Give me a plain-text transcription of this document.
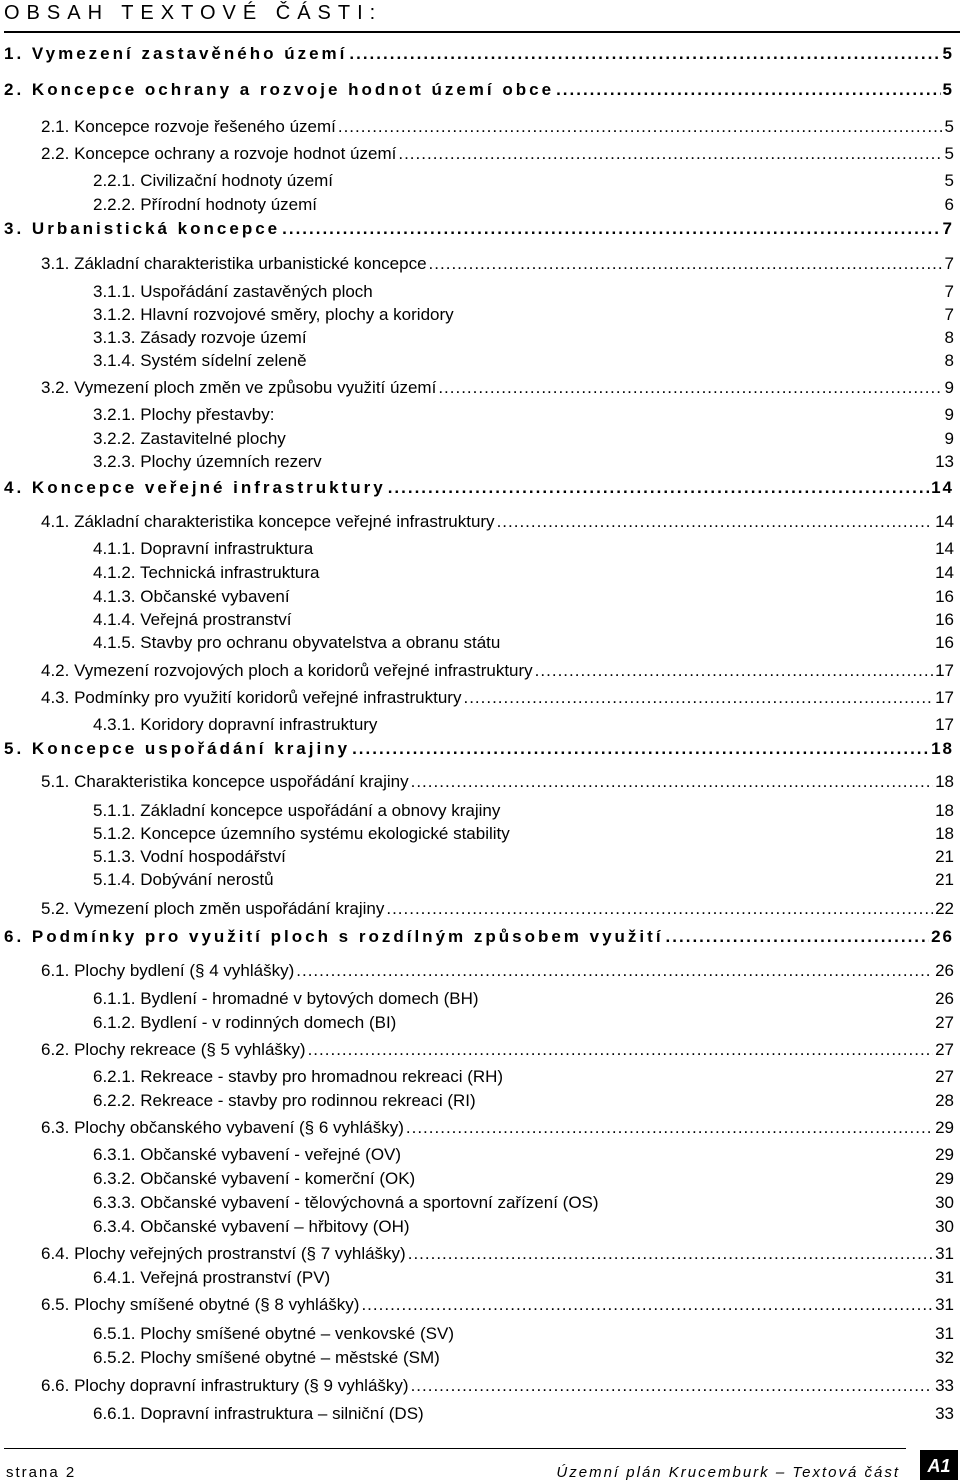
OBSAH TEXTOVÉ ČÁSTI:
1. Vymezení zastavěného území .....	5
2. Koncepce ochrany a rozvoje hodnot území obce .....	5
2.1. Koncepce rozvoje řešeného území .....	5
2.2. Koncepce ochrany a rozvoje hodnot území .....	5
2.2.1. Civilizační hodnoty území	5
2.2.2. Přírodní hodnoty území	6
3. Urbanistická koncepce .....	7
3.1. Základní charakteristika urbanistické koncepce .....	7
3.1.1. Uspořádání zastavěných ploch	7
3.1.2. Hlavní rozvojové směry, plochy a koridory	7
3.1.3. Zásady rozvoje území	8
3.1.4. Systém sídelní zeleně	8
3.2. Vymezení ploch změn ve způsobu využití území .....	9
3.2.1. Plochy přestavby:	9
3.2.2. Zastavitelné plochy	9
3.2.3. Plochy územních rezerv	13
4. Koncepce veřejné infrastruktury .....	14
4.1. Základní charakteristika koncepce veřejné infrastruktury .....	14
4.1.1. Dopravní infrastruktura	14
4.1.2. Technická infrastruktura	14
4.1.3. Občanské vybavení	16
4.1.4. Veřejná prostranství	16
4.1.5. Stavby pro ochranu obyvatelstva a obranu státu	16
4.2. Vymezení rozvojových ploch a koridorů veřejné infrastruktury .....	17
4.3. Podmínky pro využití koridorů veřejné infrastruktury .....	17
4.3.1. Koridory dopravní infrastruktury	17
5. Koncepce uspořádání krajiny .....	18
5.1. Charakteristika koncepce uspořádání krajiny .....	18
5.1.1. Základní koncepce uspořádání a obnovy krajiny	18
5.1.2. Koncepce územního systému ekologické stability	18
5.1.3. Vodní hospodářství	21
5.1.4. Dobývání nerostů	21
5.2. Vymezení ploch změn uspořádání krajiny .....	22
6. Podmínky pro využití ploch s rozdílným způsobem využití .....	26
6.1. Plochy bydlení (§ 4 vyhlášky) .....	26
6.1.1. Bydlení - hromadné v bytových domech (BH)	26
6.1.2. Bydlení - v rodinných domech (BI)	27
6.2. Plochy rekreace (§ 5 vyhlášky) .....	27
6.2.1. Rekreace - stavby pro hromadnou rekreaci (RH)	27
6.2.2. Rekreace - stavby pro rodinnou rekreaci (RI)	28
6.3. Plochy občanského vybavení (§ 6 vyhlášky) .....	29
6.3.1. Občanské vybavení - veřejné (OV)	29
6.3.2. Občanské vybavení - komerční (OK)	29
6.3.3. Občanské vybavení - tělovýchovná a sportovní zařízení (OS)	30
6.3.4. Občanské vybavení – hřbitovy (OH)	30
6.4. Plochy veřejných prostranství (§ 7 vyhlášky) .....	31
6.4.1. Veřejná prostranství (PV)	31
6.5. Plochy smíšené obytné (§ 8 vyhlášky) .....	31
6.5.1. Plochy smíšené obytné – venkovské (SV)	31
6.5.2. Plochy smíšené obytné – městské (SM)	32
6.6. Plochy dopravní infrastruktury (§ 9 vyhlášky) .....	33
6.6.1. Dopravní infrastruktura – silniční (DS)	33
strana 2	Územní plán Krucemburk – Textová část	A1
